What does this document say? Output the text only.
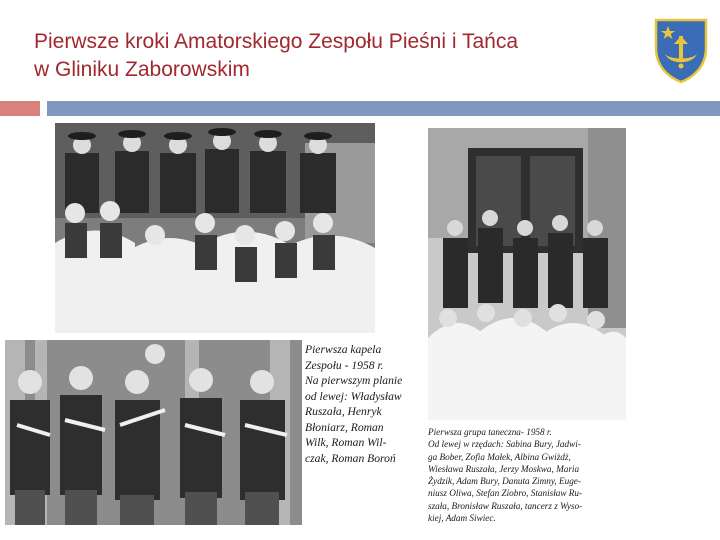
Pierwsze kroki Amatorskiego Zespołu Pieśni i Tańca
w Gliniku Zaborowskim
Pierwsza kapela
Zespołu - 1958 r.
Na pierwszym planie
od lewej: Władysław
Ruszała, Henryk
Błoniarz, Roman
Wilk, Roman Wil-
czak, Roman Boroń
Pierwsza grupa taneczna- 1958 r.
Od lewej w rzędach: Sabina Bury, Jadwi-
ga Bober, Zofia Małek, Albina Gwiżdż,
Wiesława Ruszała, Jerzy Moskwa, Maria
Żydzik, Adam Bury, Danuta Zimny, Euge-
niusz Oliwa, Stefan Ziobro, Stanisław Ru-
szała, Bronisław Ruszała, tancerz z Wyso-
kiej, Adam Siwiec.
